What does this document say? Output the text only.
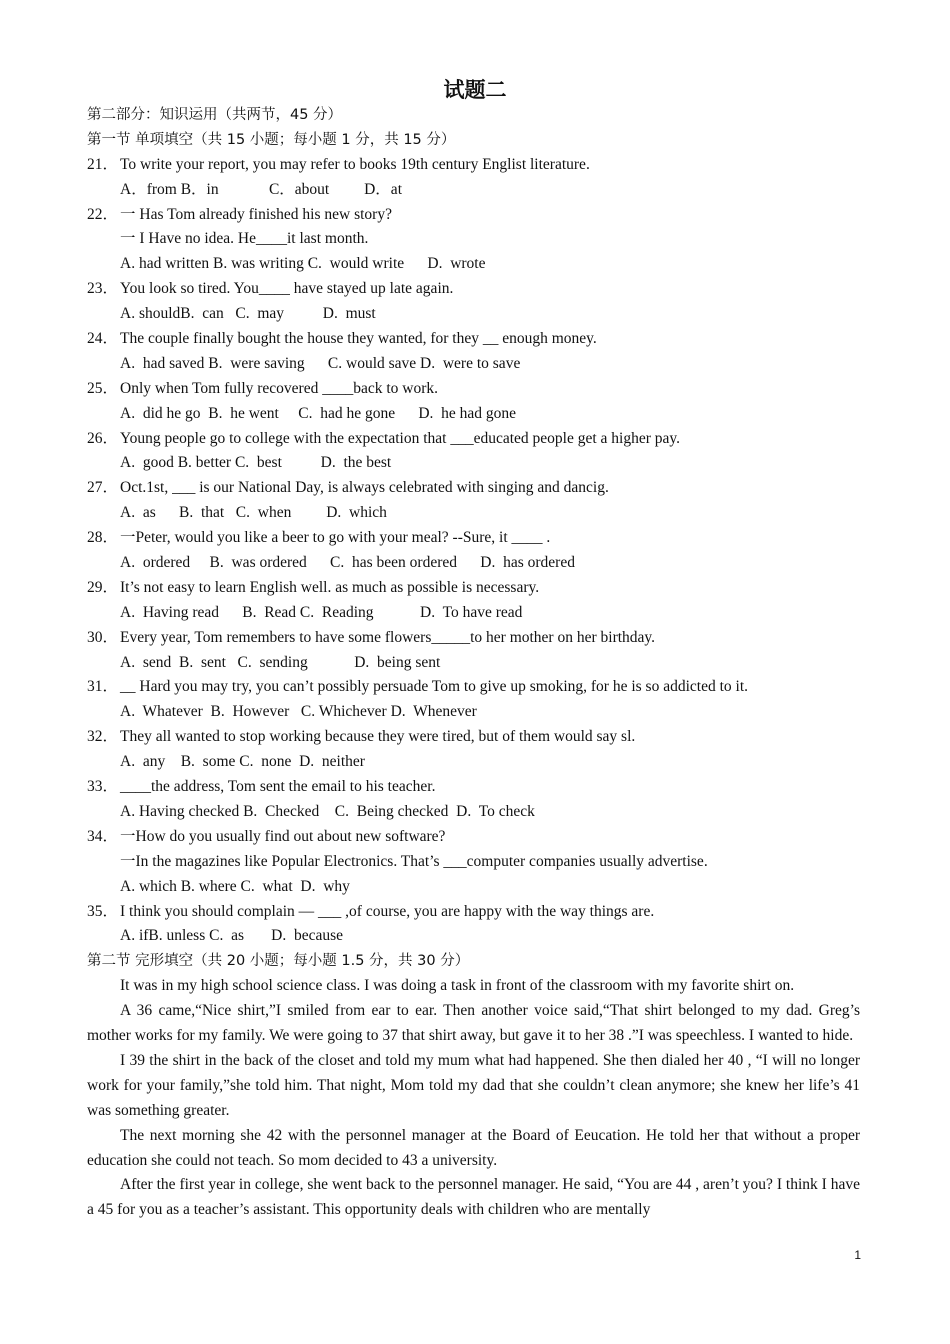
试题二
第二部分：知识运用（共两节，45 分）
第一节 单项填空（共 15 小题；每小题 1 分，共 15 分）
21． To write your report, you may refer to books 19th century Englist literature.
A．from B．in             C．about         D．at
22． 一 Has Tom already finished his new story?
一 I Have no idea. He____it last month.
A. had written B. was writing C.  would write      D.  wrote
23． You look so tired. You____ have stayed up late again.
A. shouldB.  can   C.  may          D.  must
24． The couple finally bought the house they wanted, for they __ enough money.
A.  had saved B.  were saving      C. would save D.  were to save
25． Only when Tom fully recovered ____back to work.
A.  did he go  B.  he went     C.  had he gone      D.  he had gone
26． Young people go to college with the expectation that ___educated people get a higher pay.
A.  good B. better C.  best          D.  the best
27． Oct.1st, ___ is our National Day, is always celebrated with singing and dancig.
A.  as      B.  that   C.  when         D.  which
28． 一Peter, would you like a beer to go with your meal? --Sure, it ____ .
A.  ordered     B.  was ordered      C.  has been ordered      D.  has ordered
29． It’s not easy to learn English well. as much as possible is necessary.
A.  Having read      B.  Read C.  Reading            D.  To have read
30． Every year, Tom remembers to have some flowers_____to her mother on her birthday.
A.  send  B.  sent   C.  sending            D.  being sent
31． __ Hard you may try, you can’t possibly persuade Tom to give up smoking, for he is so addicted to it.
A.  Whatever  B.  However   C. Whichever D.  Whenever
32． They all wanted to stop working because they were tired, but of them would say sl.
A.  any    B.  some C.  none  D.  neither
33． ____the address, Tom sent the email to his teacher.
A. Having checked B.  Checked    C.  Being checked  D.  To check
34． 一How do you usually find out about new software?
一In the magazines like Popular Electronics. That’s ___computer companies usually advertise.
A. which B. where C.  what  D.  why
35． I think you should complain — ___ ,of course, you are happy with the way things are.
A. ifB. unless C.  as       D.  because
第二节 完形填空（共 20 小题；每小题 1.5 分，共 30 分）
It was in my high school science class. I was doing a task in front of the classroom with my favorite shirt on.
A 36 came,“Nice shirt,”I smiled from ear to ear. Then another voice said,“That shirt belonged to my dad. Greg’s mother works for my family. We were going to 37 that shirt away, but gave it to her 38 .”I was speechless. I wanted to hide.
I 39 the shirt in the back of the closet and told my mum what had happened. She then dialed her 40 , “I will no longer work for your family,”she told him. That night, Mom told my dad that she couldn’t clean anymore; she knew her life’s 41 was something greater.
The next morning she 42 with the personnel manager at the Board of Eeucation. He told her that without a proper education she could not teach. So mom decided to 43 a university.
After the first year in college, she went back to the personnel manager. He said, “You are 44 , aren’t you? I think I have a 45 for you as a teacher’s assistant. This opportunity deals with children who are mentally
1
